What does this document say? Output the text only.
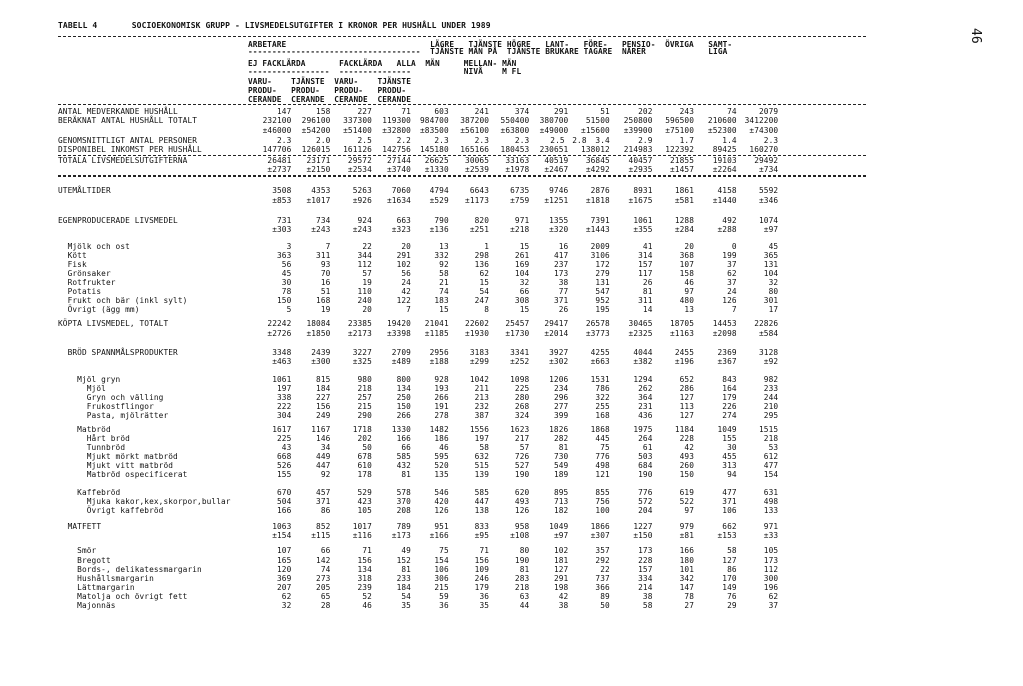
TABELL 4       SOCIOEKONOMISK GRUPP - LIVSMEDELSUTGIFTER I KRONOR PER HUSHÅLL UNDER 1989
46
ARBETARE                              LÄGRE   TJÄNSTE HÖGRE   LANT-   FÖRE-   PENSIO-  ÖVRIGA   SAMT-
------------------------------------  TJÄNSTE MÄN PÅ  TJÄNSTE BRUKARE TAGARE  NÄRER             LIGA
EJ FACKLÄRDA       FACKLÄRDA   ALLA  MÄN     MELLAN- MÄN
-----------------  ---------------           NIVÅ    M FL
VARU-    TJÄNSTE  VARU-    TJÄNSTE
PRODU-   PRODU-   PRODU-   PRODU-
CERANDE  CERANDE  CERANDE  CERANDE
ANTAL MEDVERKANDE HUSHÅLL	147	158	227	71	603	241	374	291	51	202	243	74	2079
BERÄKNAT ANTAL HUSHÅLL TOTALT	232100 296100 337300 119300 984700 387200 550400 380700 51500 250800 596500 210600 3412200
±46000 ±54200 ±51400 ±32800 ±83500 ±56100 ±63800 ±49000 ±15600 ±39900 ±75100 ±52300 ±74300
GENOMSNITTLIGT ANTAL PERSONER	2.3	2.0	2.5	2.2	2.3	2.3	2.3	2.5 2.8 3.4	2.9	1.7	1.4	2.3
DISPONIBEL INKOMST PER HUSHÅLL	147706 126015 161126 142756 145180 165166 180453 230651 138012 214983 122392 89425 160270
TOTALA LIVSMEDELSUTGIFTERNA	26481 23171 29572 27144 26625 30065 33163 40519 36845 40457 21855 19103 29492
±2737 ±2150 ±2534 ±3740 ±1330 ±2539 ±1978 ±2467 ±4292 ±2935 ±1457 ±2264	±734
UTEMÅLTIDER	3508	4353	5263	7060 4794	6643	6735	9746	2876	8931	1861	4158	5592
±853 ±1017	±926 ±1634 ±529 ±1173	±759 ±1251 ±1818 ±1675	±581 ±1440	±346
EGENPRODUCERADE LIVSMEDEL	731	734	924	663	790	820	971	1355	7391	1061	1288	492	1074
±303	±243	±243	±323 ±136	±251	±218	±320 ±1443	±355	±284	±288	±97
Mjölk och ost	3	7	22	20	13	1	15	16	2009	41	20	0	45
Kött	363	311	344	291	332	298	261	417	3106	314	368	199	365
Fisk	56	93	112	102	92	136	169	237	172	157	107	37	131
Grönsaker	45	70	57	56	58	62	104	173	279	117	158	62	104
Rotfrukter	30	16	19	24	21	15	32	38	131	26	46	37	32
Potatis	78	51	110	42	74	54	66	77	547	81	97	24	80
Frukt och bär (inkl sylt)	150	168	240	122	183	247	308	371	952	311	480	126	301
Övrigt (ägg mm)	5	19	20	7	15	8	15	26	195	14	13	7	17
KÖPTA LIVSMEDEL, TOTALT	22242 18084 23385 19420 21041 22602 25457 29417 26578 30465 18705 14453 22826
±2726 ±1850 ±2173 ±3398 ±1185 ±1930 ±1730 ±2014 ±3773 ±2325 ±1163 ±2098	±584
BRÖD SPANNMÅLSPRODUKTER	3348	2439	3227	2709 2956	3183	3341	3927	4255	4044	2455	2369	3128
±463	±300	±325	±489 ±188	±299	±252	±302	±663	±382	±196	±367	±92
Mjöl gryn	1061	815	980	800	928	1042	1098	1206	1531	1294	652	843	982
Mjöl	197	184	218	134	193	211	225	234	786	262	286	164	233
Gryn och välling	338	227	257	250	266	213	280	296	322	364	127	179	244
Frukostflingor	222	156	215	150	191	232	268	277	255	231	113	226	210
Pasta, mjölrätter	304	249	290	266	278	387	324	399	168	436	127	274	295
Matbröd	1617	1167	1718	1330 1482	1556	1623	1826	1868	1975	1184	1049	1515
Hårt bröd	225	146	202	166	186	197	217	282	445	264	228	155	218
Tunnbröd	43	34	50	66	46	58	57	81	75	61	42	30	53
Mjukt mörkt matbröd	668	449	678	585	595	632	726	730	776	503	493	455	612
Mjukt vitt matbröd	526	447	610	432	520	515	527	549	498	684	260	313	477
Matbröd ospecificerat	155	92	178	81	135	139	190	189	121	190	150	94	154
Kaffebröd	670	457	529	578	546	585	620	895	855	776	619	477	631
Mjuka kakor,kex,skorpor,bullar	504	371	423	370	420	447	493	713	756	572	522	371	498
Övrigt kaffebröd	166	86	105	208	126	138	126	182	100	204	97	106	133
MATFETT	1063	852	1017	789	951	833	958	1049	1866	1227	979	662	971
±154	±115	±116	±173 ±166	±95	±108	±97	±307	±150	±81	±153	±33
Smör	107	66	71	49	75	71	80	102	357	173	166	58	105
Bregott	165	142	156	152	154	156	190	181	292	228	180	127	173
Bords-, delikatessmargarin	120	74	134	81	106	109	81	127	22	157	101	86	112
Hushållsmargarin	369	273	318	233	306	246	283	291	737	334	342	170	300
Lättmargarin	207	205	239	184	215	179	218	198	366	214	147	149	196
Matolja och övrigt fett	62	65	52	54	59	36	63	42	89	38	78	76	62
Majonnäs	32	28	46	35	36	35	44	38	50	58	27	29	37
